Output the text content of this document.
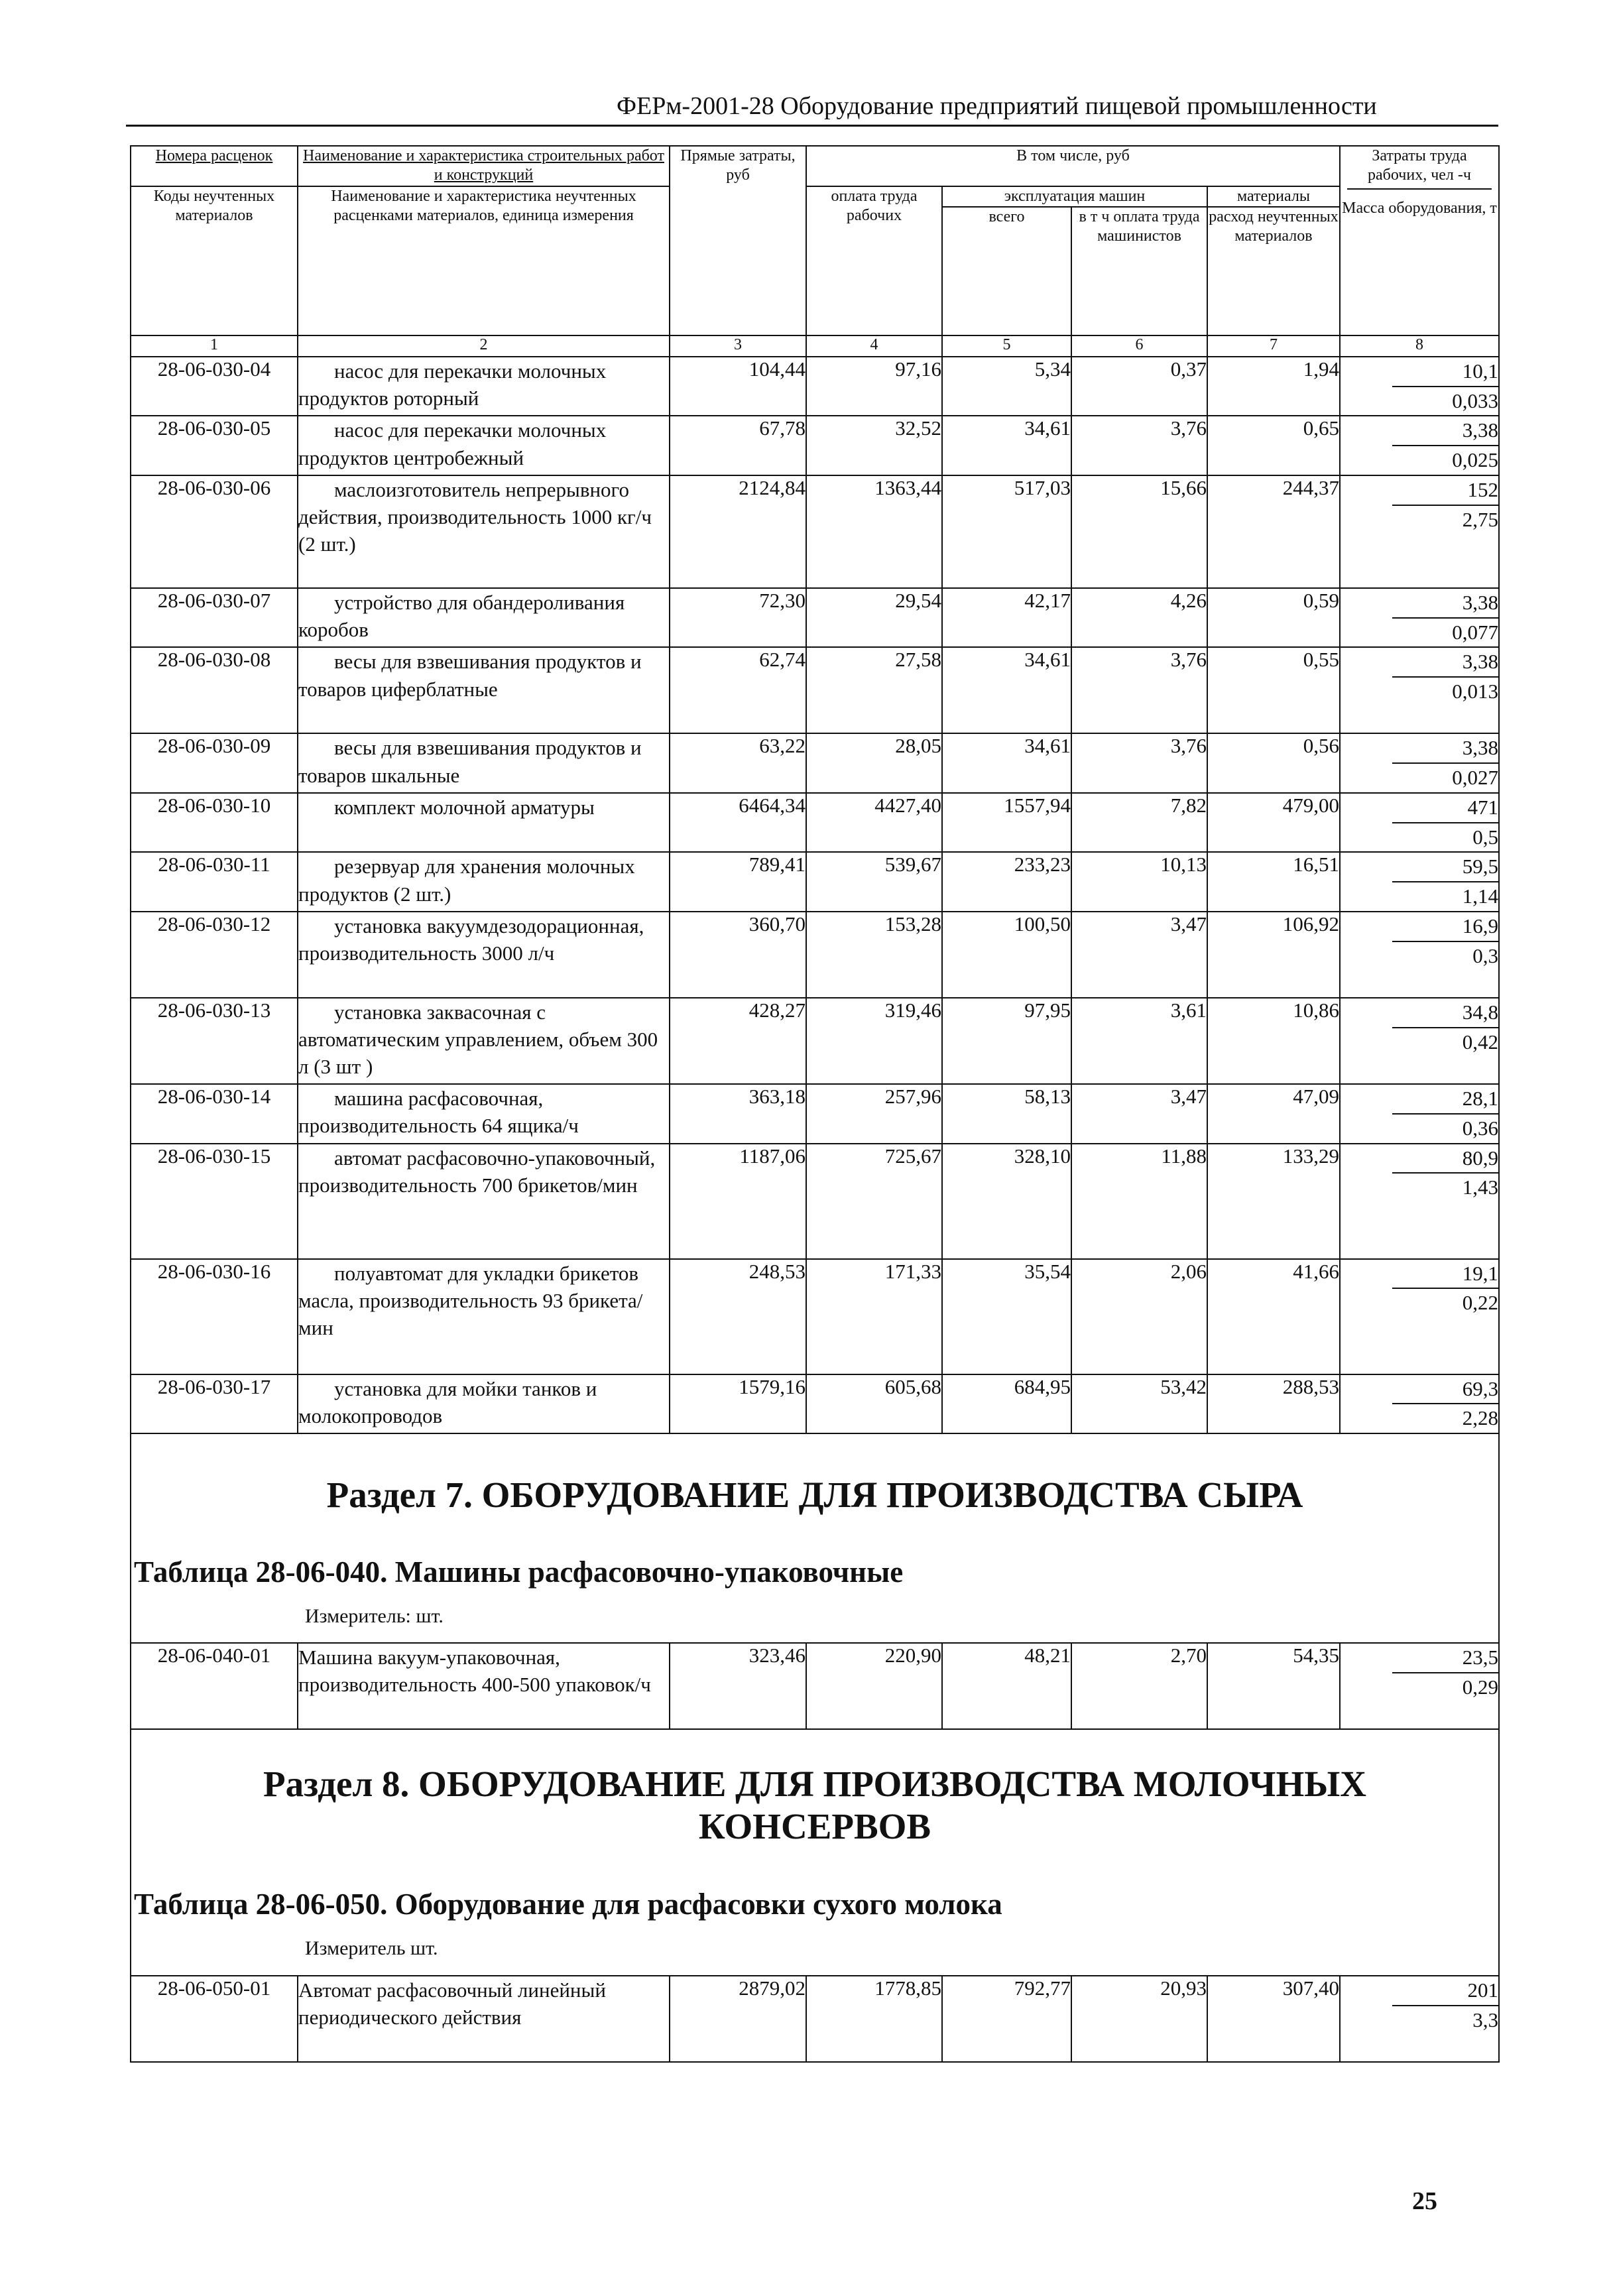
ФЕРм-2001-28 Оборудование предприятий пищевой промышленности
Номера расценок	Наименование и характеристика строительных работ и конструкций	Прямые затраты, руб	В том числе, руб				Затраты труда рабочих, чел -ч
Масса оборудования, т

Коды неучтенных материалов	Наименование и характеристика неучтенных расценками материалов, единица измерения		оплата труда рабочих	эксплуатация машин		материалы	
				всего	в т ч оплата труда машинистов	расход неучтенных материалов	
1	2	3	4	5	6	7	8
28-06-030-04	насос для перекачки молочных продуктов роторный	104,44	97,16	5,34	0,37	1,94	10,1
0,033

28-06-030-05	насос для перекачки молочных продуктов центробежный	67,78	32,52	34,61	3,76	0,65	3,38
0,025

28-06-030-06	маслоизготовитель непрерывного действия, производительность 1000 кг/ч (2 шт.)	2124,84	1363,44	517,03	15,66	244,37	152
2,75

28-06-030-07	устройство для обандероливания коробов	72,30	29,54	42,17	4,26	0,59	3,38
0,077

28-06-030-08	весы для взвешивания продуктов и товаров циферблатные	62,74	27,58	34,61	3,76	0,55	3,38
0,013

28-06-030-09	весы для взвешивания продуктов и товаров шкальные	63,22	28,05	34,61	3,76	0,56	3,38
0,027

28-06-030-10	комплект молочной арматуры	6464,34	4427,40	1557,94	7,82	479,00	471
0,5

28-06-030-11	резервуар для хранения молочных продуктов (2 шт.)	789,41	539,67	233,23	10,13	16,51	59,5
1,14

28-06-030-12	установка вакуумдезодорационная, производительность 3000 л/ч	360,70	153,28	100,50	3,47	106,92	16,9
0,3

28-06-030-13	установка заквасочная с автоматическим управлением, объем 300 л (3 шт )	428,27	319,46	97,95	3,61	10,86	34,8
0,42

28-06-030-14	машина расфасовочная, производительность 64 ящика/ч	363,18	257,96	58,13	3,47	47,09	28,1
0,36

28-06-030-15	автомат расфасовочно-упаковочный, производительность 700 брикетов/мин	1187,06	725,67	328,10	11,88	133,29	80,9
1,43

28-06-030-16	полуавтомат для укладки брикетов масла, производительность 93 брикета/мин	248,53	171,33	35,54	2,06	41,66	19,1
0,22

28-06-030-17	установка для мойки танков и молокопроводов	1579,16	605,68	684,95	53,42	288,53	69,3
2,28

Раздел 7. ОБОРУДОВАНИЕ ДЛЯ ПРОИЗВОДСТВА СЫРА
Таблица 28-06-040. Машины расфасовочно-упаковочные
Измеритель: шт.							

28-06-040-01	Машина вакуум-упаковочная, производительность 400-500 упаковок/ч	323,46	220,90	48,21	2,70	54,35	23,5
0,29

Раздел 8. ОБОРУДОВАНИЕ ДЛЯ ПРОИЗВОДСТВА МОЛОЧНЫХ КОНСЕРВОВ
Таблица 28-06-050. Оборудование для расфасовки сухого молока
Измеритель шт.							

28-06-050-01	Автомат расфасовочный линейный периодического действия	2879,02	1778,85	792,77	20,93	307,40	201
3,3
25
